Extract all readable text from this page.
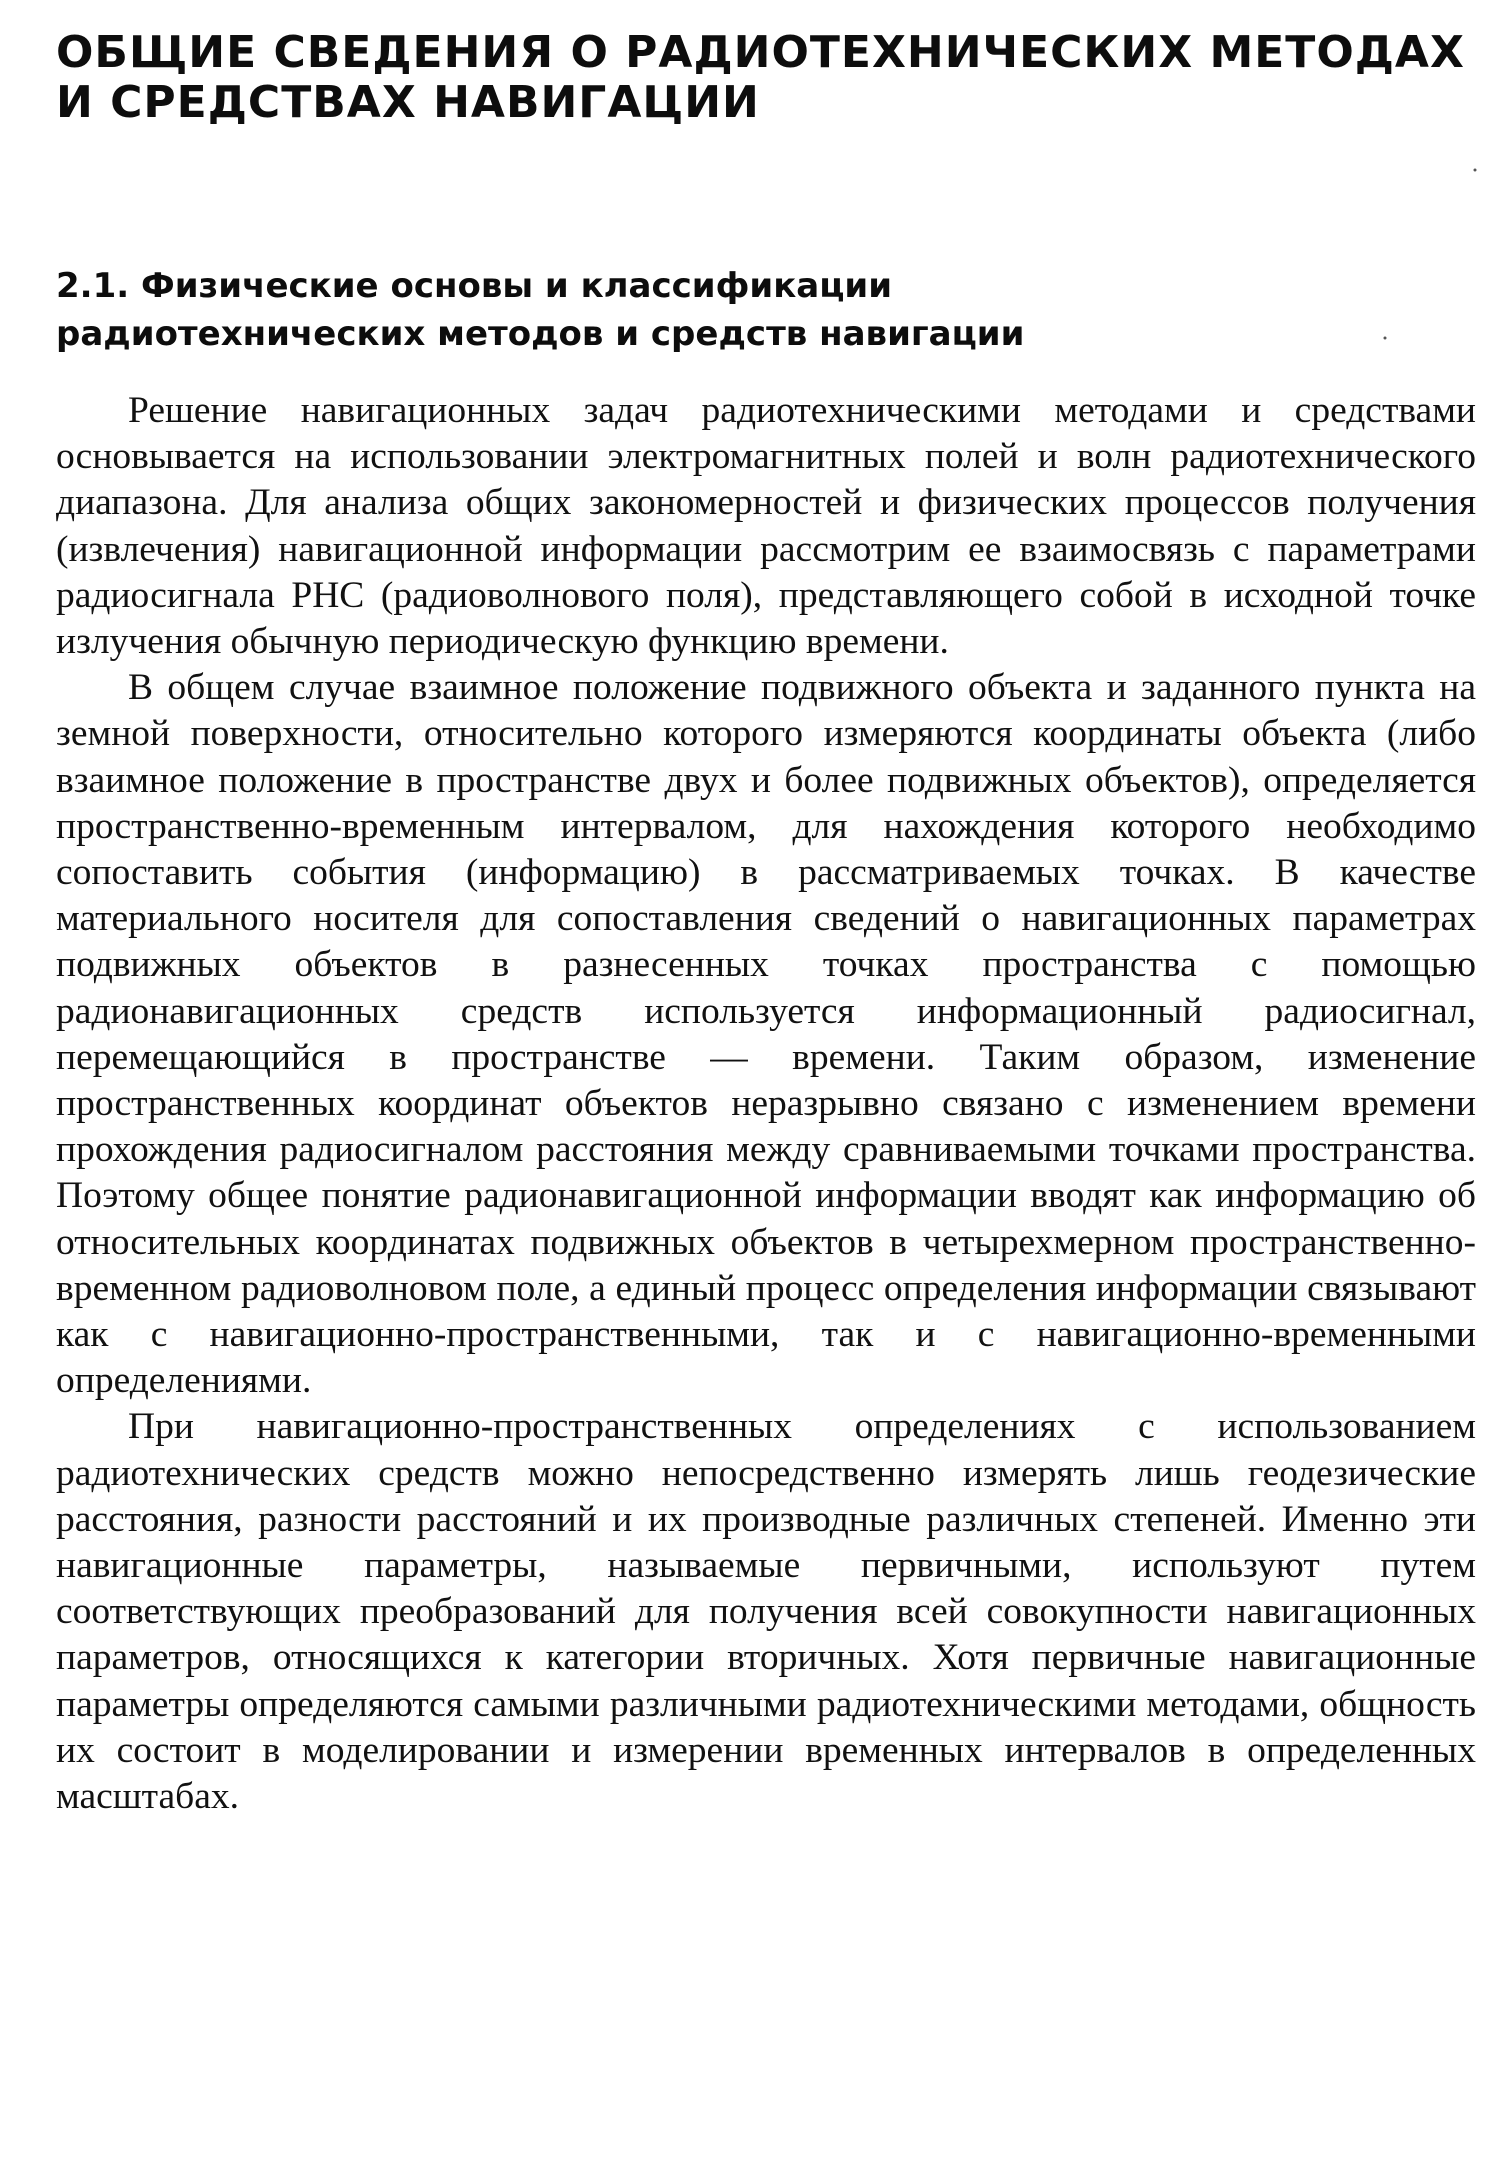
ОБЩИЕ СВЕДЕНИЯ О РАДИОТЕХНИЧЕСКИХ МЕТОДАХ
И СРЕДСТВАХ НАВИГАЦИИ
2.1. Физические основы и классификации
радиотехнических методов и средств навигации

Решение навигационных задач радиотехническими методами и средствами основывается на использовании электромагнитных полей и волн радиотехнического диапазона. Для анализа общих закономерностей и физических процессов получения (извлечения) навигационной информации рассмотрим ее взаимосвязь с параметрами радиосигнала РНС (радиоволнового поля), представляющего собой в исходной точке излучения обычную периодическую функцию времени.

В общем случае взаимное положение подвижного объекта и заданного пункта на земной поверхности, относительно которого измеряются координаты объекта (либо взаимное положение в пространстве двух и более подвижных объектов), определяется пространственно-временным интервалом, для нахождения которого необходимо сопоставить события (информацию) в рассматриваемых точках. В качестве материального носителя для сопоставления сведений о навигационных параметрах подвижных объектов в разнесенных точках пространства с помощью радионавигационных средств используется информационный радиосигнал, перемещающийся в пространстве — времени. Таким образом, изменение пространственных координат объектов неразрывно связано с изменением времени прохождения радиосигналом расстояния между сравниваемыми точками пространства. Поэтому общее понятие радионавигационной информации вводят как информацию об относительных координатах подвижных объектов в четырехмерном пространственно-временном радиоволновом поле, а единый процесс определения информации связывают как с навигационно-пространственными, так и с навигационно-временными определениями.

При навигационно-пространственных определениях с использованием радиотехнических средств можно непосредственно измерять лишь геодезические расстояния, разности расстояний и их производные различных степеней. Именно эти навигационные параметры, называемые первичными, используют путем соответствующих преобразований для получения всей совокупности навигационных параметров, относящихся к категории вторичных. Хотя первичные навигационные параметры определяются самыми различными радиотехническими методами, общность их состоит в моделировании и измерении временных интервалов в определенных масштабах.
